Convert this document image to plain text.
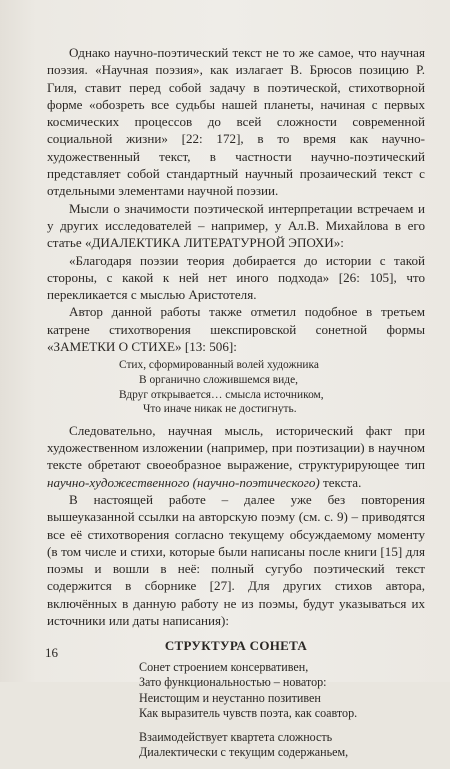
Однако научно-поэтический текст не то же самое, что научная поэзия. «Научная поэзия», как излагает В. Брюсов позицию Р. Гиля, ставит перед собой задачу в поэтической, стихотворной форме «обозреть все судьбы нашей планеты, начиная с первых космических процессов до всей сложности современной социальной жизни» [22: 172], в то время как научно-художественный текст, в частности научно-поэтический представляет собой стандартный научный прозаический текст с отдельными элементами научной поэзии.

Мысли о значимости поэтической интерпретации встречаем и у других исследователей – например, у Ал.В. Михайлова в его статье «ДИАЛЕКТИКА ЛИТЕРАТУРНОЙ ЭПОХИ»:

«Благодаря поэзии теория добирается до истории с такой стороны, с какой к ней нет иного подхода» [26: 105], что перекликается с мыслью Аристотеля.

Автор данной работы также отметил подобное в третьем катрене стихотворения шекспировской сонетной формы «ЗАМЕТКИ О СТИХЕ» [13: 506]:

Стих, сформированный волей художника
В органично сложившемся виде,
Вдруг открывается… смысла источником,
Что иначе никак не достигнуть.

Следовательно, научная мысль, исторический факт при художественном изложении (например, при поэтизации) в научном тексте обретают своеобразное выражение, структурирующее тип научно-художественного (научно-поэтического) текста.

В настоящей работе – далее уже без повторения вышеуказанной ссылки на авторскую поэму (см. с. 9) – приводятся все её стихотворения согласно текущему обсуждаемому моменту (в том числе и стихи, которые были написаны после книги [15] для поэмы и вошли в неё: полный сугубо поэтический текст содержится в сборнике [27]. Для других стихов автора, включённых в данную работу не из поэмы, будут указываться их источники или даты написания):

СТРУКТУРА СОНЕТА
Сонет строением консервативен,
Зато функциональностью – новатор:
Неистощим и неустанно позитивен
Как выразитель чувств поэта, как соавтор.
Взаимодействует квартета сложность
Диалектически с текущим содержаньем,
16
